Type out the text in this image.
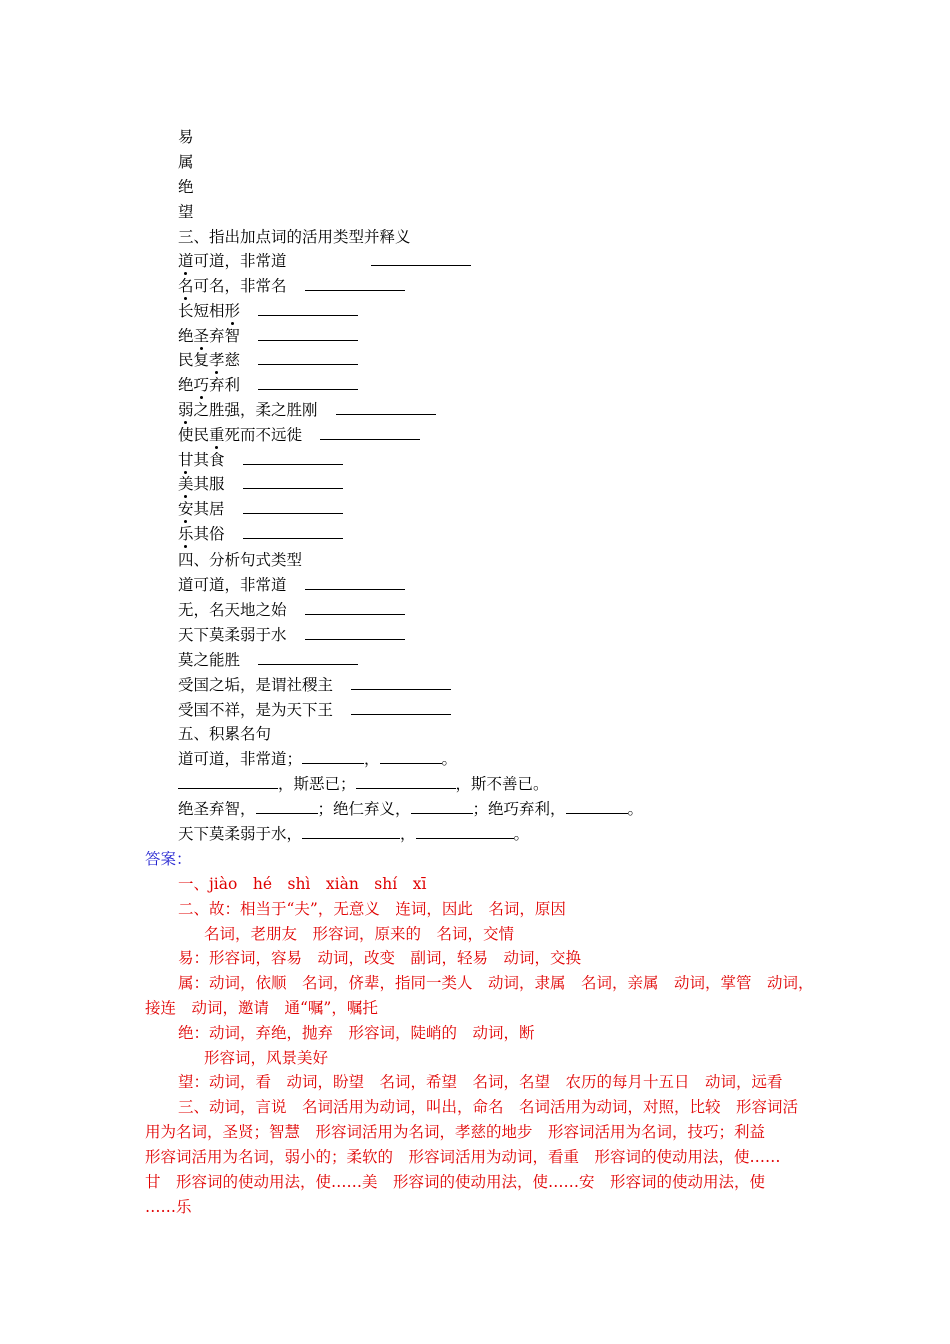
易
属
绝
望
三、指出加点词的活用类型并释义
道可道，非常道
名可名，非常名
长短相形
绝圣弃智
民复孝慈
绝巧弃利
弱之胜强，柔之胜刚
使民重死而不远徙
甘其食
美其服
安其居
乐其俗
四、分析句式类型
道可道，非常道
无，名天地之始
天下莫柔弱于水
莫之能胜
受国之垢，是谓社稷主
受国不祥，是为天下王
五、积累名句
道可道，非常道；	，	。
，斯恶已；	，斯不善已。
绝圣弃智，	；绝仁弃义，	；绝巧弃利，	。
天下莫柔弱于水，	，	。
答案：
一、jiào　hé　shì　xiàn　shí　xī
二、故：相当于“夫”，无意义　连词，因此　名词，原因
名词，老朋友　形容词，原来的　名词，交情
易：形容词，容易　动词，改变　副词，轻易　动词，交换
属：动词，依顺　名词，侪辈，指同一类人　动词，隶属　名词，亲属　动词，掌管　动词，
接连　动词，邀请　通“嘱”，嘱托
绝：动词，弃绝，抛弃　形容词，陡峭的　动词，断
形容词，风景美好
望：动词，看　动词，盼望　名词，希望　名词，名望　农历的每月十五日　动词，远看
三、动词，言说　名词活用为动词，叫出，命名　名词活用为动词，对照，比较　形容词活
用为名词，圣贤；智慧　形容词活用为名词，孝慈的地步　形容词活用为名词，技巧；利益
形容词活用为名词，弱小的；柔软的　形容词活用为动词，看重　形容词的使动用法，使……
甘　形容词的使动用法，使……美　形容词的使动用法，使……安　形容词的使动用法，使
……乐
